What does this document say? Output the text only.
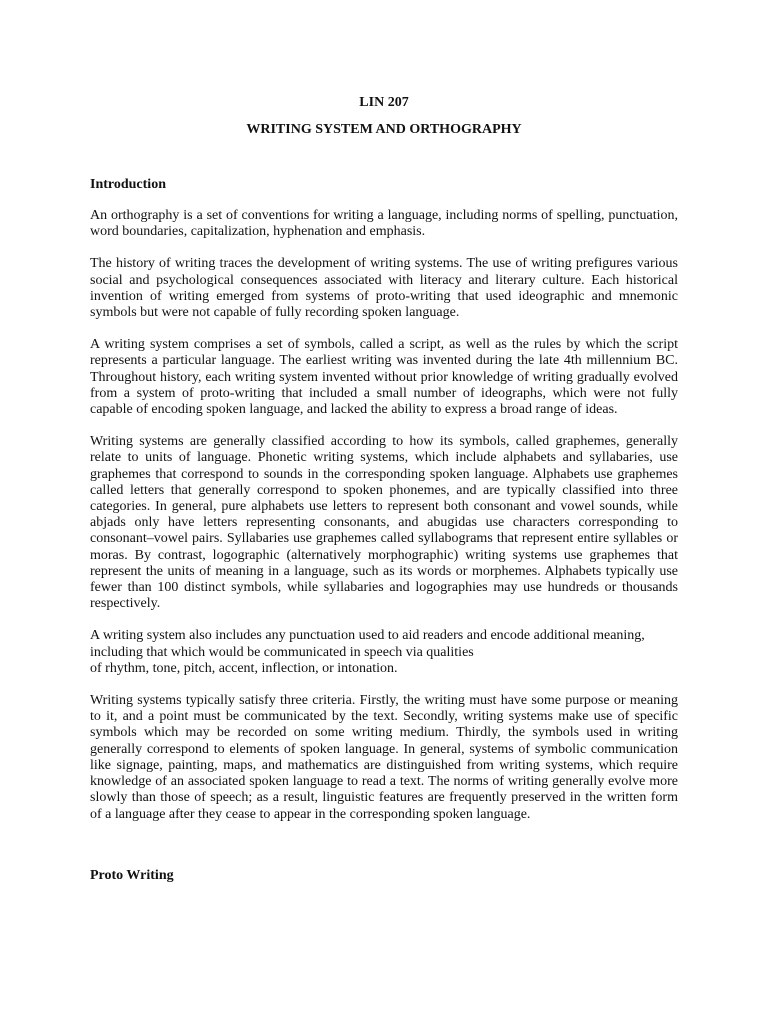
LIN 207
WRITING SYSTEM AND ORTHOGRAPHY
Introduction

An orthography is a set of conventions for writing a language, including norms of spelling, punctuation, word boundaries, capitalization, hyphenation and emphasis.

The history of writing traces the development of writing systems. The use of writing prefigures various social and psychological consequences associated with literacy and literary culture. Each historical invention of writing emerged from systems of proto-writing that used ideographic and mnemonic symbols but were not capable of fully recording spoken language.

A writing system comprises a set of symbols, called a script, as well as the rules by which the script represents a particular language. The earliest writing was invented during the late 4th millennium BC. Throughout history, each writing system invented without prior knowledge of writing gradually evolved from a system of proto-writing that included a small number of ideographs, which were not fully capable of encoding spoken language, and lacked the ability to express a broad range of ideas.

Writing systems are generally classified according to how its symbols, called graphemes, generally relate to units of language. Phonetic writing systems, which include alphabets and syllabaries, use graphemes that correspond to sounds in the corresponding spoken language. Alphabets use graphemes called letters that generally correspond to spoken phonemes, and are typically classified into three categories. In general, pure alphabets use letters to represent both consonant and vowel sounds, while abjads only have letters representing consonants, and abugidas use characters corresponding to consonant–vowel pairs. Syllabaries use graphemes called syllabograms that represent entire syllables or moras. By contrast, logographic (alternatively morphographic) writing systems use graphemes that represent the units of meaning in a language, such as its words or morphemes. Alphabets typically use fewer than 100 distinct symbols, while syllabaries and logographies may use hundreds or thousands respectively.

A writing system also includes any punctuation used to aid readers and encode additional meaning, including that which would be communicated in speech via qualities
of rhythm, tone, pitch, accent, inflection, or intonation.

Writing systems typically satisfy three criteria. Firstly, the writing must have some purpose or meaning to it, and a point must be communicated by the text. Secondly, writing systems make use of specific symbols which may be recorded on some writing medium. Thirdly, the symbols used in writing generally correspond to elements of spoken language. In general, systems of symbolic communication like signage, painting, maps, and mathematics are distinguished from writing systems, which require knowledge of an associated spoken language to read a text. The norms of writing generally evolve more slowly than those of speech; as a result, linguistic features are frequently preserved in the written form of a language after they cease to appear in the corresponding spoken language.

Proto Writing
